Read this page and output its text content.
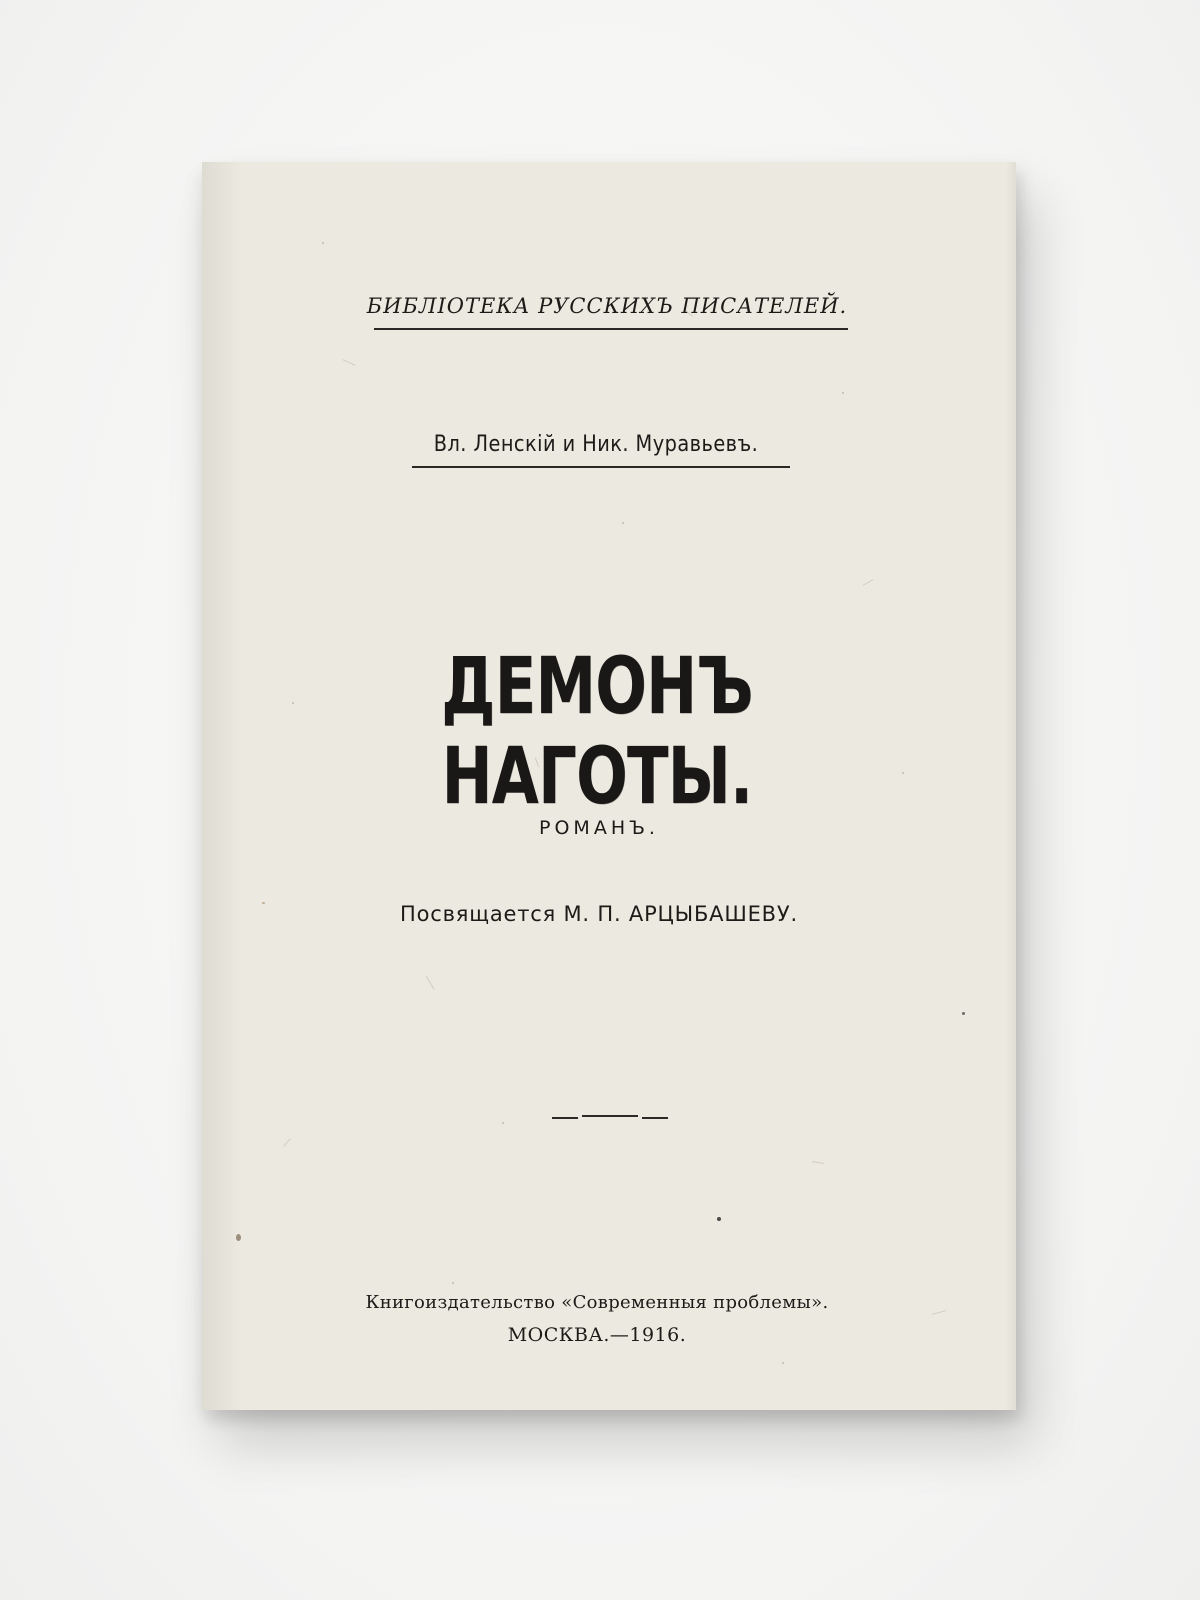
БИБЛІОТЕКА РУССКИХЪ ПИСАТЕЛЕЙ.
Вл. Ленскій и Ник. Муравьевъ.
ДЕМОНЪ НАГОТЫ.
РОМАНЪ.
Посвящается М. П. АРЦЫБАШЕВУ.
Книгоиздательство «Современныя проблемы».
МОСКВА.—1916.
